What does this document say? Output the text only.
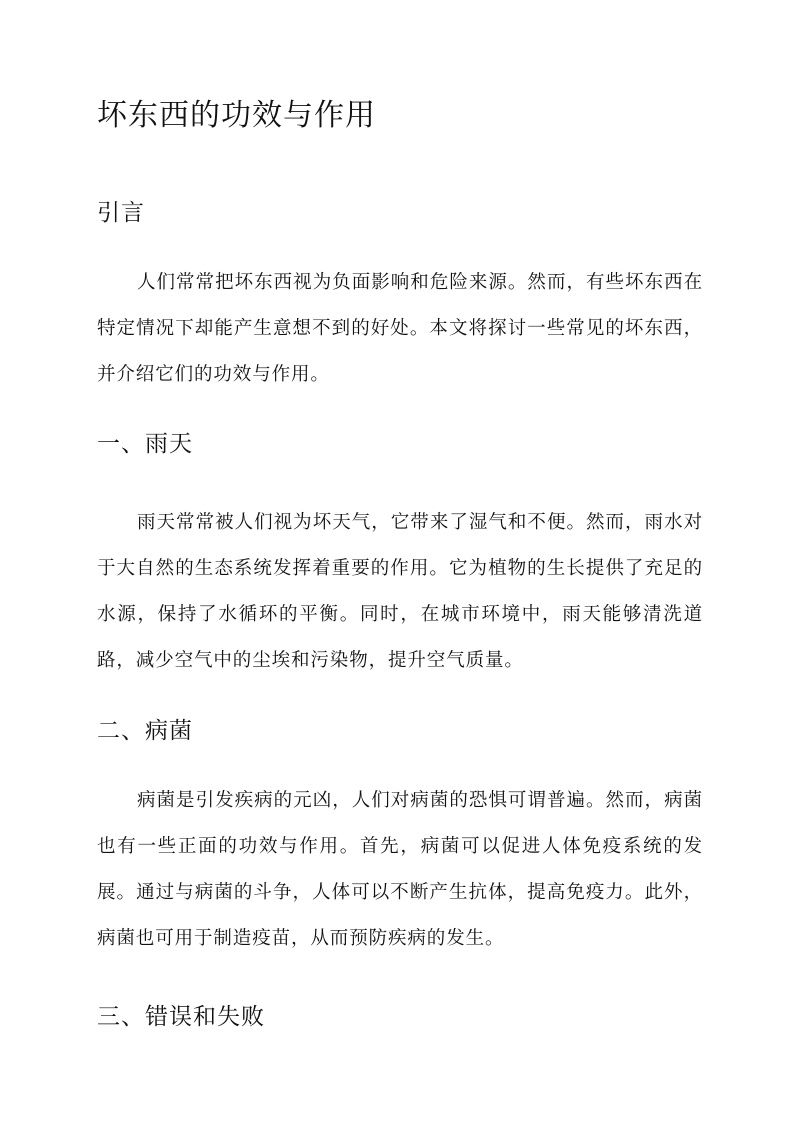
坏东西的功效与作用
引言

人们常常把坏东西视为负面影响和危险来源。然而，有些坏东西在特定情况下却能产生意想不到的好处。本文将探讨一些常见的坏东西，并介绍它们的功效与作用。

一、雨天

雨天常常被人们视为坏天气，它带来了湿气和不便。然而，雨水对于大自然的生态系统发挥着重要的作用。它为植物的生长提供了充足的水源，保持了水循环的平衡。同时，在城市环境中，雨天能够清洗道路，减少空气中的尘埃和污染物，提升空气质量。

二、病菌

病菌是引发疾病的元凶，人们对病菌的恐惧可谓普遍。然而，病菌也有一些正面的功效与作用。首先，病菌可以促进人体免疫系统的发展。通过与病菌的斗争，人体可以不断产生抗体，提高免疫力。此外，病菌也可用于制造疫苗，从而预防疾病的发生。

三、错误和失败
